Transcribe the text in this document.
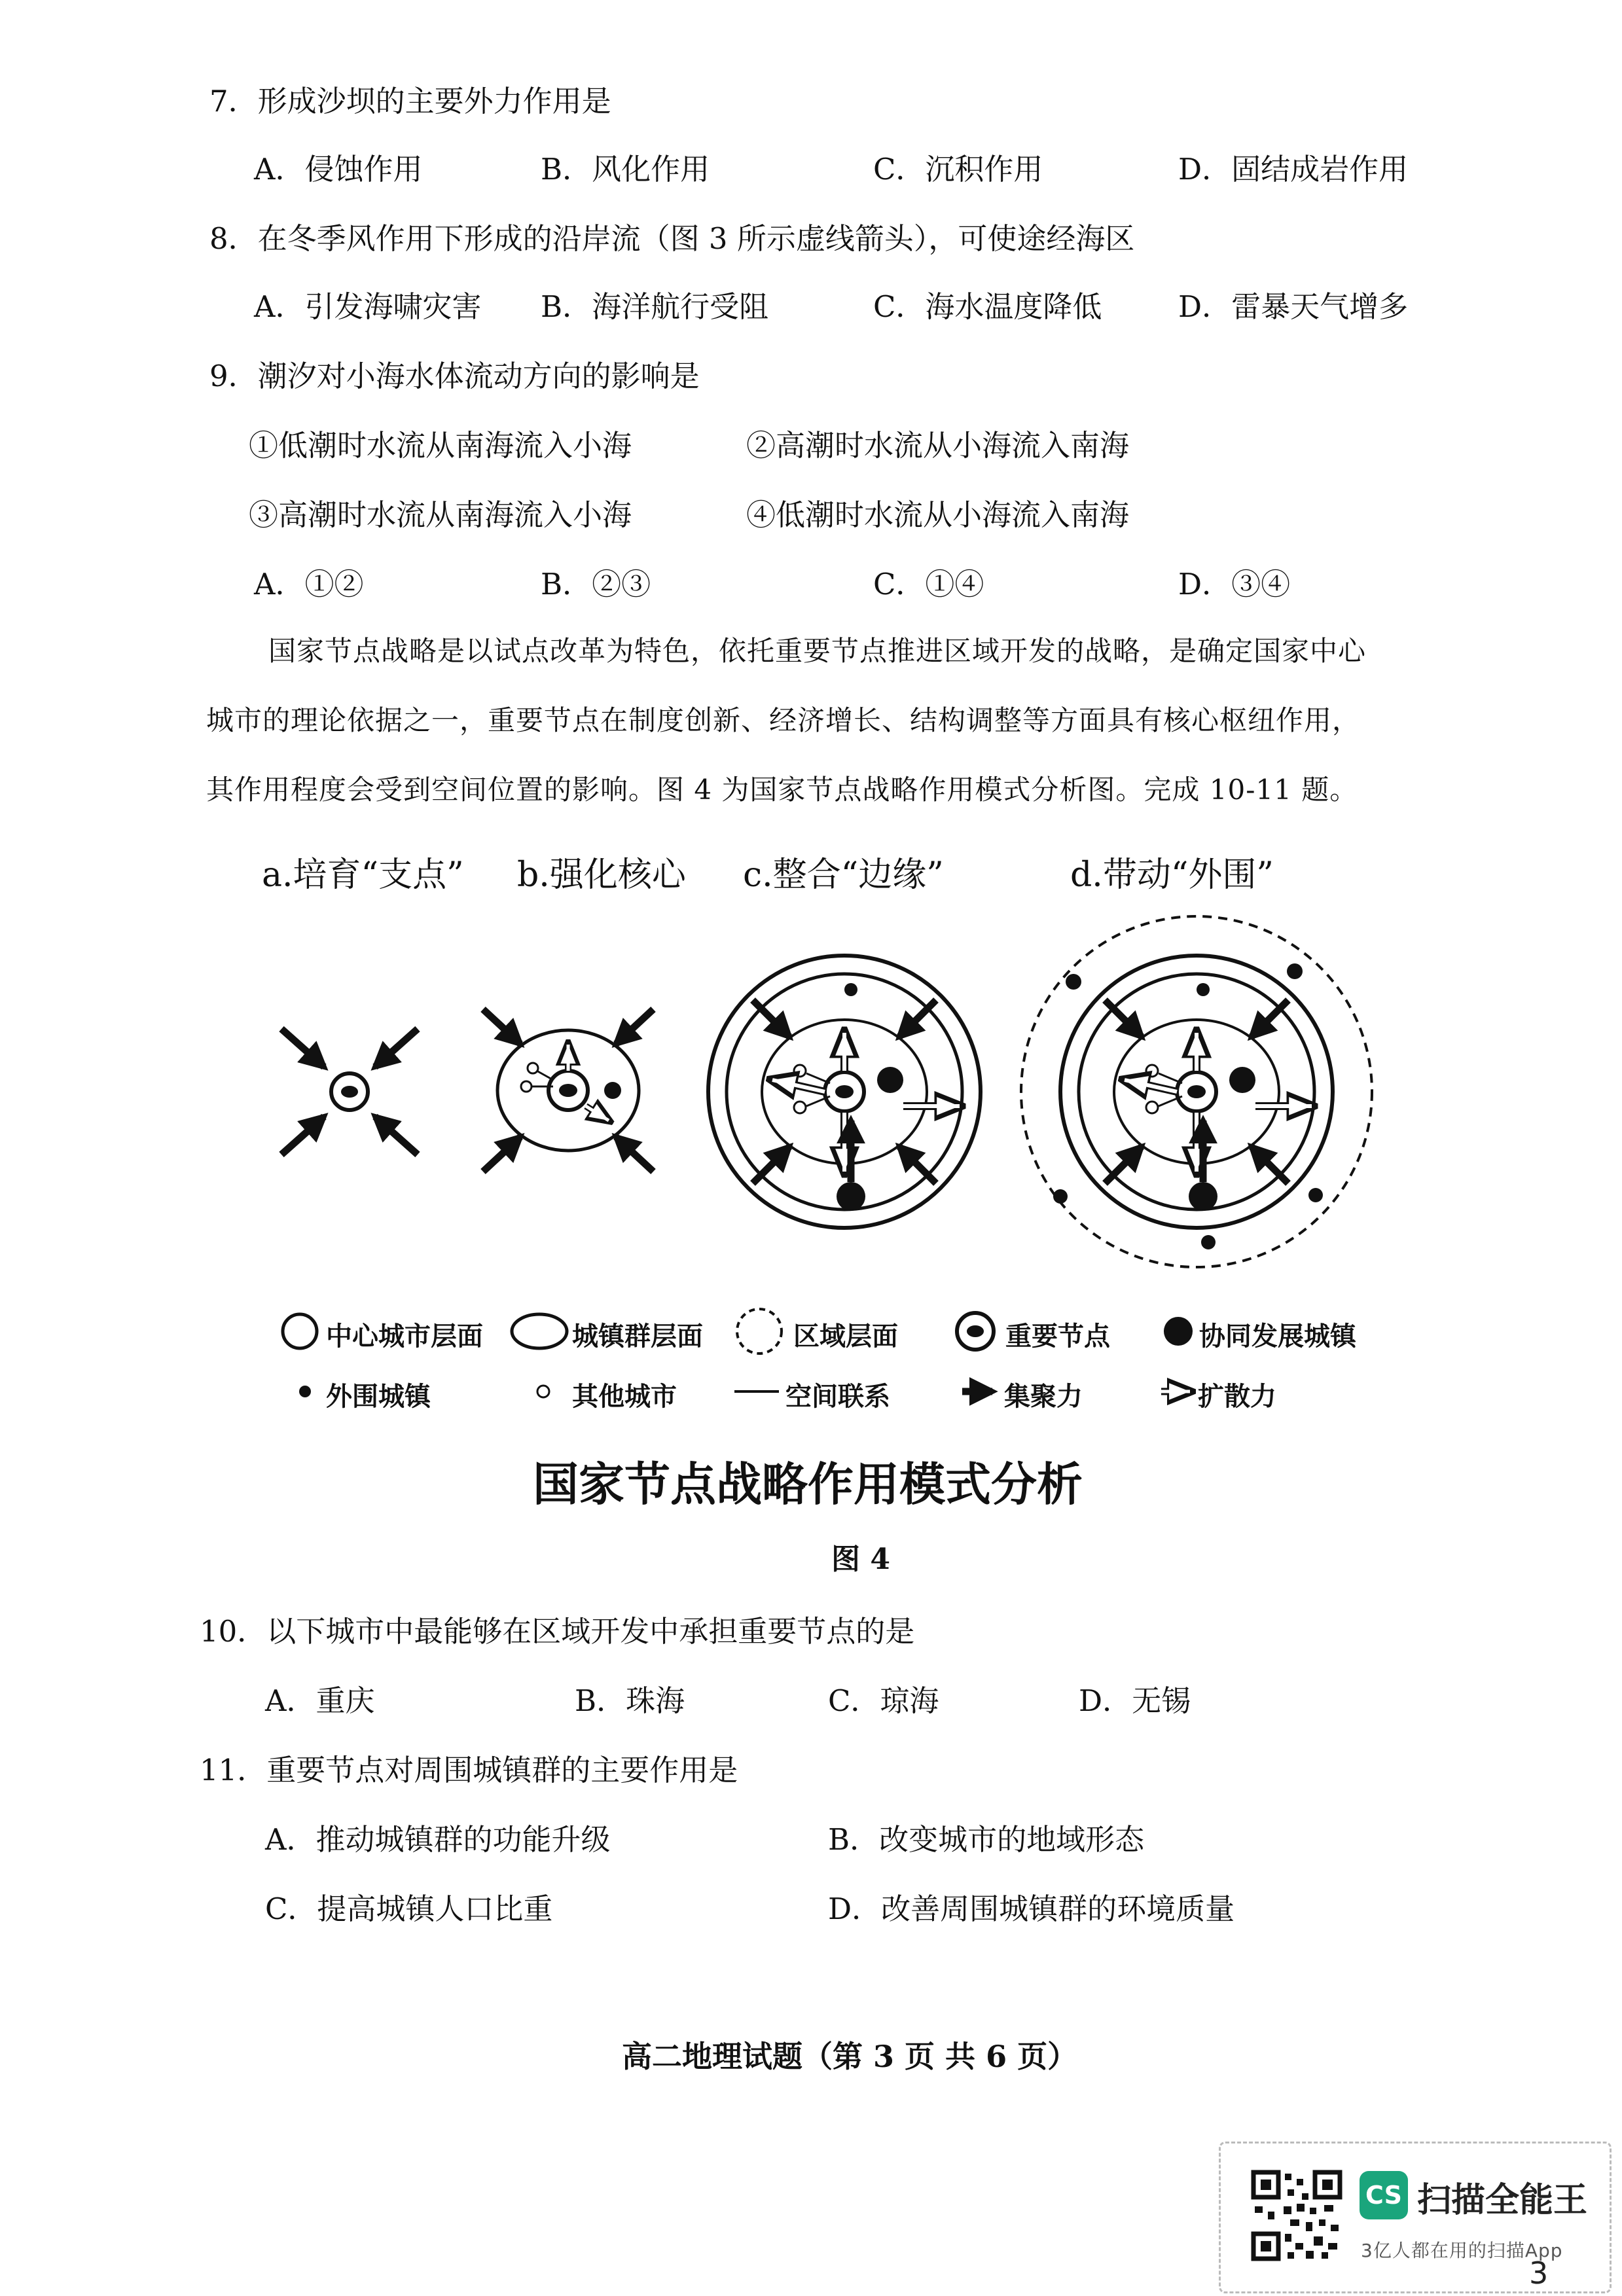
7．形成沙坝的主要外力作用是
A．侵蚀作用	B．风化作用	C．沉积作用	D．固结成岩作用
8．在冬季风作用下形成的沿岸流（图 3 所示虚线箭头），可使途经海区
A．引发海啸灾害 B．海洋航行受阻	C．海水温度降低	D．雷暴天气增多
9．潮汐对小海水体流动方向的影响是
①低潮时水流从南海流入小海	②高潮时水流从小海流入南海
③高潮时水流从南海流入小海	④低潮时水流从小海流入南海
A．①②	B．②③	C．①④	D．③④
国家节点战略是以试点改革为特色，依托重要节点推进区域开发的战略，是确定国家中心
城市的理论依据之一，重要节点在制度创新、经济增长、结构调整等方面具有核心枢纽作用，
其作用程度会受到空间位置的影响。图 4 为国家节点战略作用模式分析图。完成 10-11 题。
a.培育“支点” b.强化核心 c.整合“边缘”	d.带动“外围”
中心城市层面	城镇群层面	区域层面	重要节点	协同发展城镇
外围城镇	其他城市	空间联系	集聚力	扩散力
国家节点战略作用模式分析
图 4
10．以下城市中最能够在区域开发中承担重要节点的是
A．重庆	B．珠海	C．琼海	D．无锡
11．重要节点对周围城镇群的主要作用是
A．推动城镇群的功能升级	B．改变城市的地域形态
C．提高城镇人口比重	D．改善周围城镇群的环境质量
高二地理试题（第 3 页 共 6 页）
CS 扫描全能王
3亿人都在用的扫描App
3
